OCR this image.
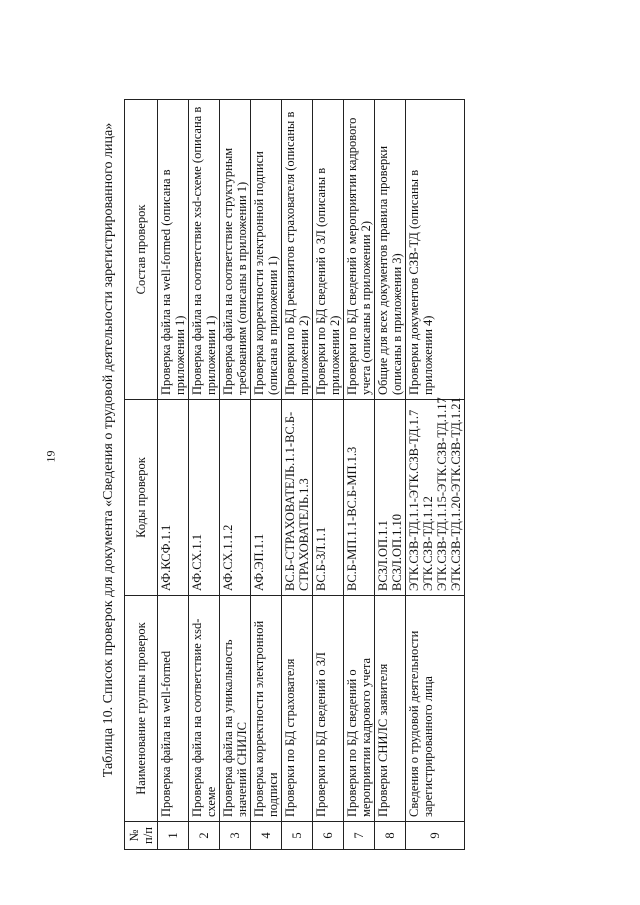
19	Таблица 10. Список проверок для документа «Сведения о трудовой деятельности зарегистрированного лица»
№ п/п	Наименование группы проверок	Коды проверок	Состав проверок
1	Проверка файла на well-formed	АФ.КСФ.1.1	Проверка файла на well-formed (описана в приложении 1)
2	Проверка файла на соответствие xsd-схеме	АФ.СХ.1.1	Проверка файла на соответствие xsd-схеме (описана в приложении 1)
3	Проверка файла на уникальность значений СНИЛС	АФ.СХ.1.1.2	Проверка файла на соответствие структурным требованиям (описаны в приложении 1)
4	Проверка корректности электронной подписи	АФ.ЭП.1.1	Проверка корректности электронной подписи (описана в приложении 1)
5	Проверки по БД страхователя	ВС.Б-СТРАХОВАТЕЛЬ.1.1-ВС.Б-СТРАХОВАТЕЛЬ.1.3	Проверки по БД реквизитов страхователя (описаны в приложении 2)
6	Проверки по БД сведений о ЗЛ	ВС.Б-ЗЛ.1.1	Проверки по БД сведений о ЗЛ (описаны в приложении 2)
7	Проверки по БД сведений о мероприятии кадрового учета	ВС.Б-МП.1.1-ВС.Б-МП.1.3	Проверки по БД сведений о мероприятии кадрового учета (описаны в приложении 2)
8	Проверки СНИЛС заявителя	ВСЗЛ.ОП.1.1 ВСЗЛ.ОП.1.10	Общие для всех документов правила проверки (описаны в приложении 3)
9	Сведения о трудовой деятельности зарегистрированного лица	ЭТК.СЗВ-ТД.1.1-ЭТК.СЗВ-ТД.1.7 ЭТК.СЗВ-ТД.1.12 ЭТК.СЗВ-ТД.1.15-ЭТК.СЗВ-ТД.1.17 ЭТК.СЗВ-ТД.1.20-ЭТК.СЗВ-ТД.1.21	Проверки документов СЗВ-ТД (описаны в приложении 4)
